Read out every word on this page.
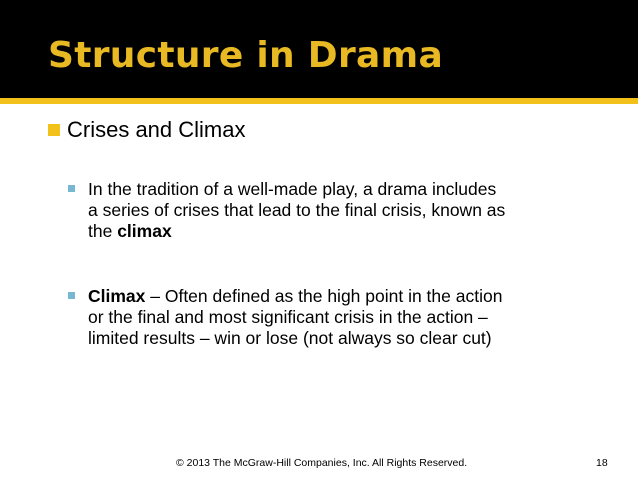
Structure in Drama
Crises and Climax
In the tradition of a well-made play, a drama includes
a series of crises that lead to the final crisis, known as
the climax
Climax – Often defined as the high point in the action
or the final and most significant crisis in the action –
limited results – win or lose (not always so clear cut)
© 2013 The McGraw-Hill Companies, Inc. All Rights Reserved.	18
